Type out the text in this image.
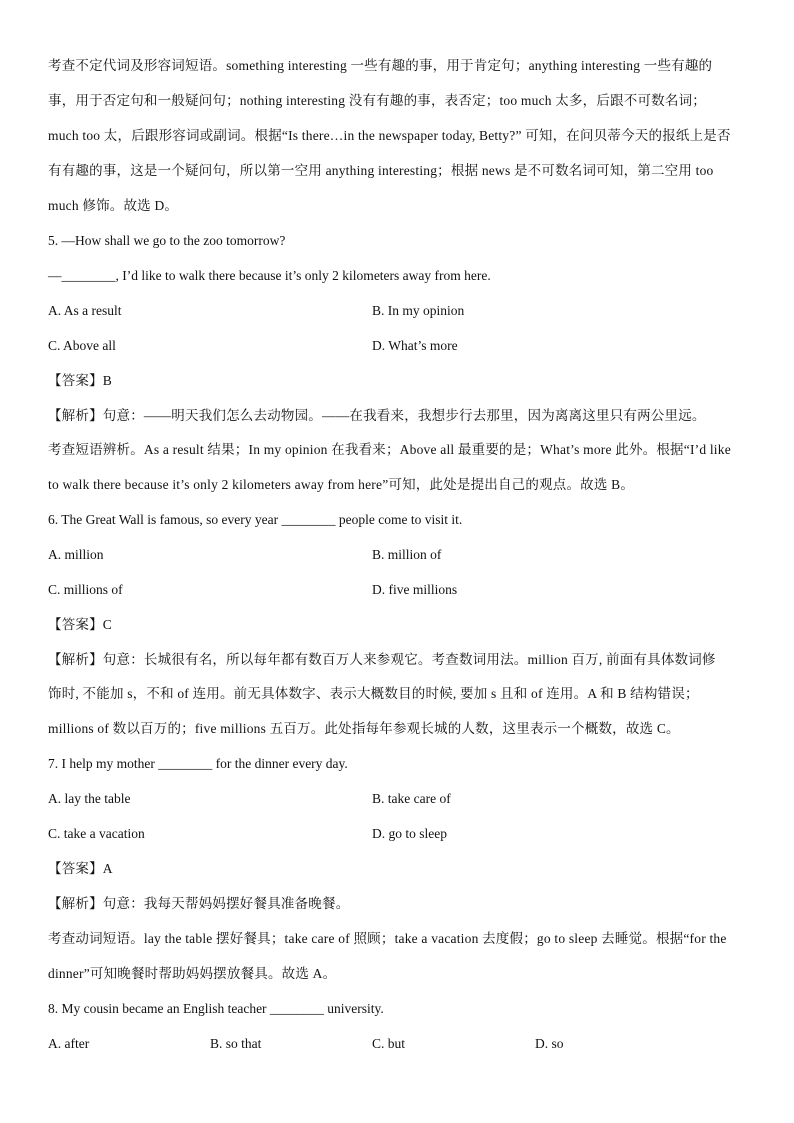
考查不定代词及形容词短语。something interesting 一些有趣的事，用于肯定句；anything interesting 一些有趣的
事，用于否定句和一般疑问句；nothing interesting 没有有趣的事，表否定；too much 太多，后跟不可数名词；
much too 太，后跟形容词或副词。根据“Is there…in the newspaper today, Betty?” 可知，在问贝蒂今天的报纸上是否
有有趣的事，这是一个疑问句，所以第一空用 anything interesting；根据 news 是不可数名词可知，第二空用 too
much 修饰。故选 D。
5. —How shall we go to the zoo tomorrow?
—________, I’d like to walk there because it’s only 2 kilometers away from here.
A. As a result	B. In my opinion
C. Above all	D. What’s more
【答案】B
【解析】句意：——明天我们怎么去动物园。——在我看来，我想步行去那里，因为离离这里只有两公里远。
考查短语辨析。As a result 结果；In my opinion 在我看来；Above all 最重要的是；What’s more 此外。根据“I’d like
to walk there because it’s only 2 kilometers away from here”可知，此处是提出自己的观点。故选 B。
6. The Great Wall is famous, so every year ________ people come to visit it.
A. million	B. million of
C. millions of	D. five millions
【答案】C
【解析】句意：长城很有名，所以每年都有数百万人来参观它。考查数词用法。million 百万, 前面有具体数词修
饰时, 不能加 s，不和 of 连用。前无具体数字、表示大概数目的时候, 要加 s 且和 of 连用。A 和 B 结构错误；
millions of 数以百万的；five millions 五百万。此处指每年参观长城的人数，这里表示一个概数，故选 C。
7. I help my mother ________ for the dinner every day.
A. lay the table	B. take care of
C. take a vacation	D. go to sleep
【答案】A
【解析】句意：我每天帮妈妈摆好餐具准备晚餐。
考查动词短语。lay the table 摆好餐具；take care of 照顾；take a vacation 去度假；go to sleep 去睡觉。根据“for the
dinner”可知晚餐时帮助妈妈摆放餐具。故选 A。
8. My cousin became an English teacher ________ university.
A. after	B. so that	C. but	D. so
